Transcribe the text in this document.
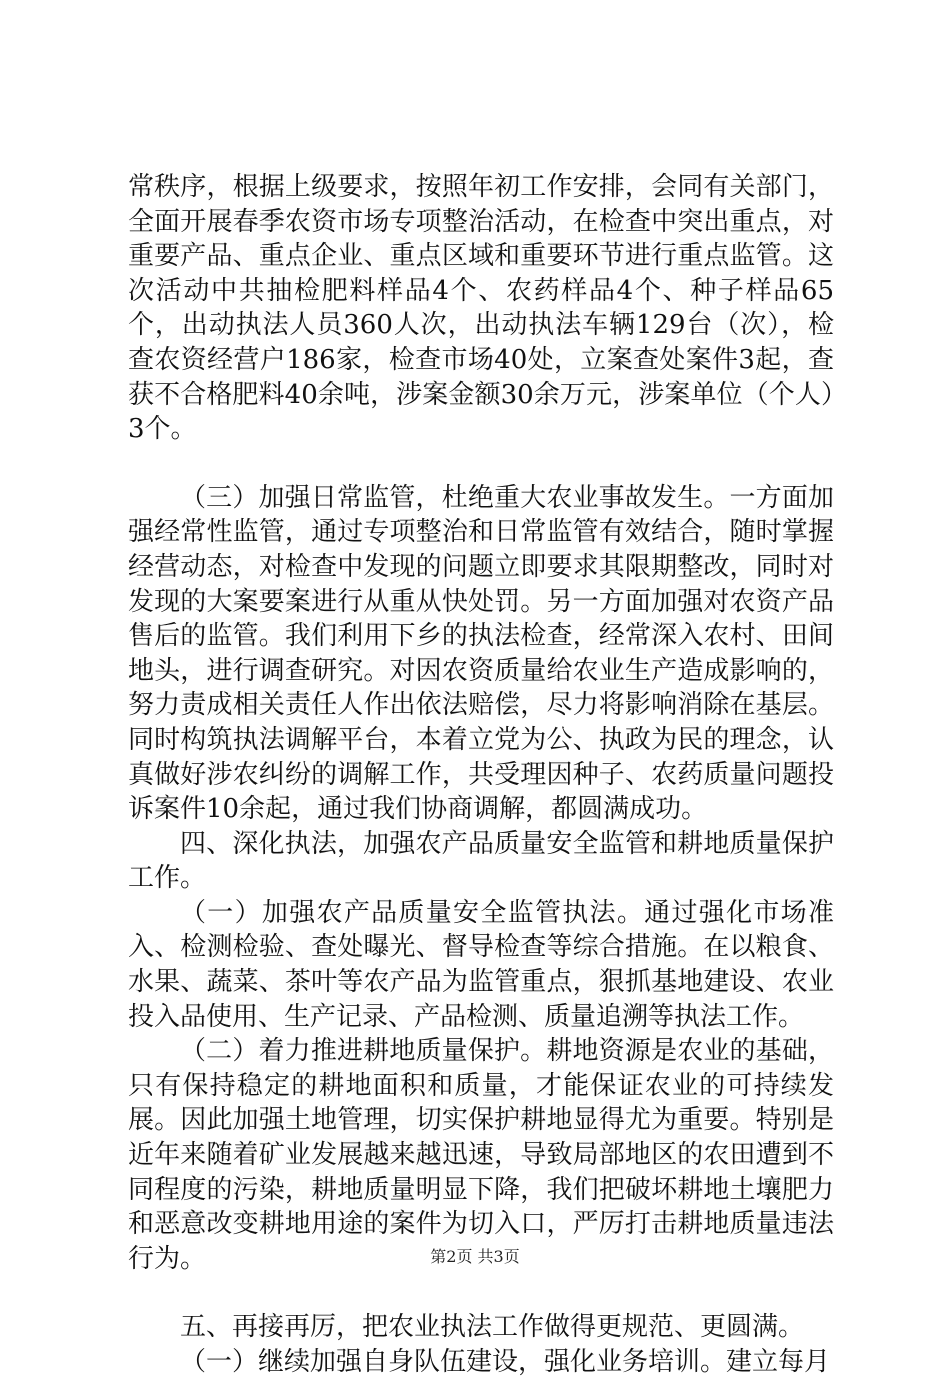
常秩序，根据上级要求，按照年初工作安排，会同有关部门，全面开展春季农资市场专项整治活动，在检查中突出重点，对重要产品、重点企业、重点区域和重要环节进行重点监管。这次活动中共抽检肥料样品4个、农药样品4个、种子样品65个，出动执法人员360人次，出动执法车辆129台（次），检查农资经营户186家，检查市场40处，立案查处案件3起，查获不合格肥料40余吨，涉案金额30余万元，涉案单位（个人）3个。

（三）加强日常监管，杜绝重大农业事故发生。一方面加强经常性监管，通过专项整治和日常监管有效结合，随时掌握经营动态，对检查中发现的问题立即要求其限期整改，同时对发现的大案要案进行从重从快处罚。另一方面加强对农资产品售后的监管。我们利用下乡的执法检查，经常深入农村、田间地头，进行调查研究。对因农资质量给农业生产造成影响的，努力责成相关责任人作出依法赔偿，尽力将影响消除在基层。同时构筑执法调解平台，本着立党为公、执政为民的理念，认真做好涉农纠纷的调解工作，共受理因种子、农药质量问题投诉案件10余起，通过我们协商调解，都圆满成功。

四、深化执法，加强农产品质量安全监管和耕地质量保护工作。

（一）加强农产品质量安全监管执法。通过强化市场准入、检测检验、查处曝光、督导检查等综合措施。在以粮食、水果、蔬菜、茶叶等农产品为监管重点，狠抓基地建设、农业投入品使用、生产记录、产品检测、质量追溯等执法工作。

（二）着力推进耕地质量保护。耕地资源是农业的基础，只有保持稳定的耕地面积和质量，才能保证农业的可持续发展。因此加强土地管理，切实保护耕地显得尤为重要。特别是近年来随着矿业发展越来越迅速，导致局部地区的农田遭到不同程度的污染，耕地质量明显下降，我们把破坏耕地土壤肥力和恶意改变耕地用途的案件为切入口，严厉打击耕地质量违法行为。

五、再接再厉，把农业执法工作做得更规范、更圆满。

（一）继续加强自身队伍建设，强化业务培训。建立每月

第2页 共3页
